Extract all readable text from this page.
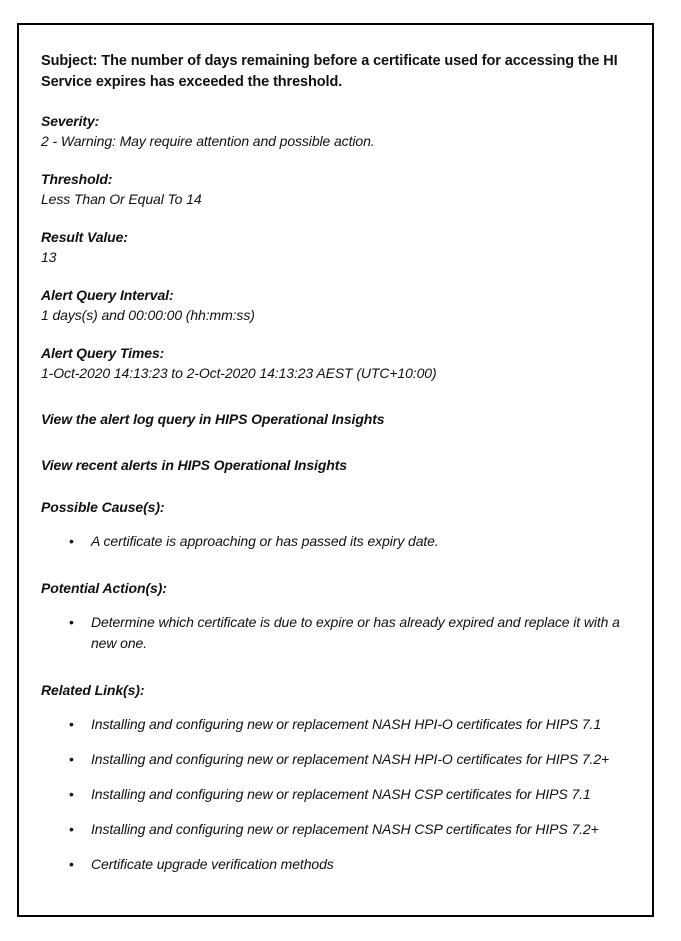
Subject: The number of days remaining before a certificate used for accessing the HI Service expires has exceeded the threshold.

Severity:

2 - Warning: May require attention and possible action.

Threshold:

Less Than Or Equal To 14

Result Value:

13

Alert Query Interval:

1 days(s) and 00:00:00 (hh:mm:ss)

Alert Query Times:

1-Oct-2020 14:13:23 to 2-Oct-2020 14:13:23 AEST (UTC+10:00)

View the alert log query in HIPS Operational Insights
View recent alerts in HIPS Operational Insights

Possible Cause(s):

• A certificate is approaching or has passed its expiry date.

Potential Action(s):

• Determine which certificate is due to expire or has already expired and replace it with a new one.

Related Link(s):

• Installing and configuring new or replacement NASH HPI-O certificates for HIPS 7.1
• Installing and configuring new or replacement NASH HPI-O certificates for HIPS 7.2+
• Installing and configuring new or replacement NASH CSP certificates for HIPS 7.1
• Installing and configuring new or replacement NASH CSP certificates for HIPS 7.2+
• Certificate upgrade verification methods
